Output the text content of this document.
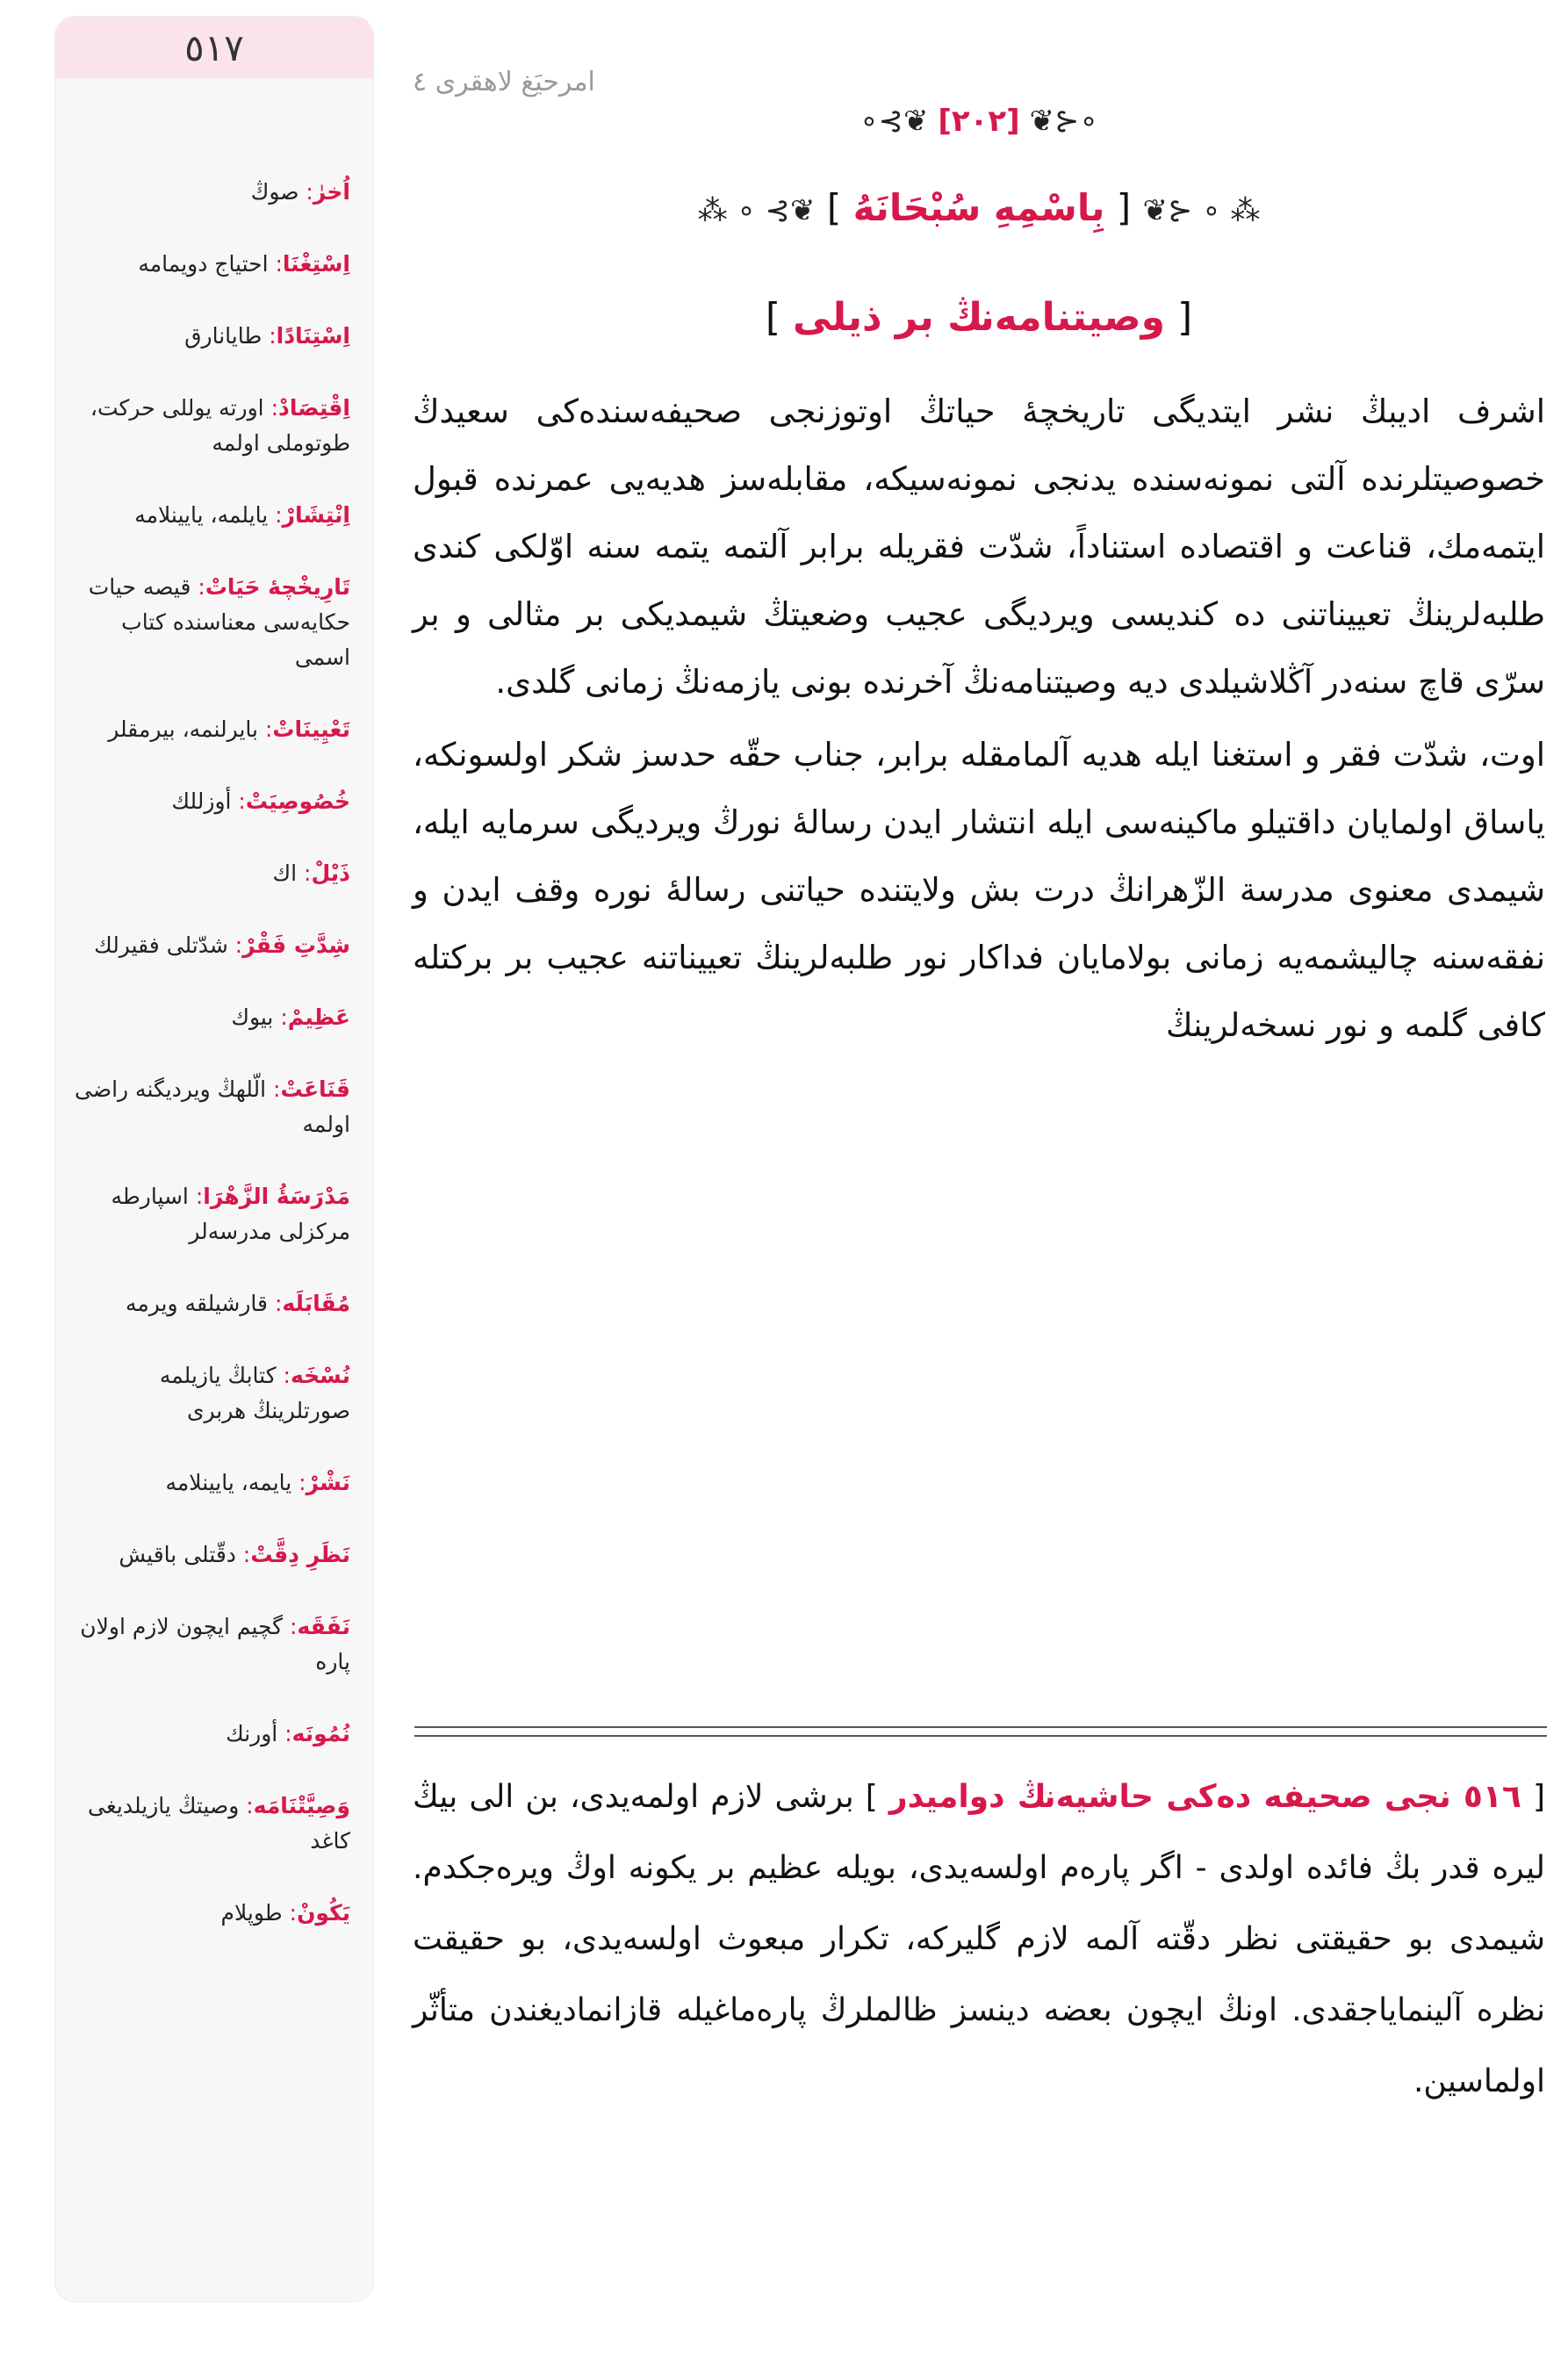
٥١٧
اُخرٰ: صوڭ
اِسْتِغْنَا: احتياج دويمامه
اِسْتِنَادًا: طايانارق
اِقْتِصَادْ: اورته يوللى حركت، طوتوملى اولمه
اِنْتِشَارْ: يايلمه، يايينلامه
تَارِيخْچۀ حَيَاتْ: قيصه حيات حكايه‌سى معناسنده كتاب اسمى
تَعْيِينَاتْ: بايرلنمه، بيرمقلر
خُصُوصِيَتْ: أوزللك
ذَيْلْ: اك
شِدَّتِ فَقْرْ: شدّتلى فقيرلك
عَظِيمْ: بيوك
قَنَاعَتْ: الّلهڭ ويرديگنه راضى اولمه
مَدْرَسَۀُ الزَّهْرَا: اسپارطه مركزلى مدرسه‌لر
مُقَابَلَه: قارشيلقه ويرمه
نُسْخَه: كتابڭ يازيلمه صورتلرينڭ هربرى
نَشْرْ: يايمه، يايينلامه
نَظَرِ دِقَّتْ: دقّتلى باقيش
نَفَقَه: گچيم ايچون لازم اولان پاره
نُمُونَه: أورنك
وَصِيَّتْنَامَه: وصيتڭ يازيلديغى كاغد
يَكُونْ: طوپلام
امرحيَغ لاهقرى ٤
∘⊰❦ [٢٠٢] ❦⊱∘
⁂ ∘ ⊰❦ [ بِاسْمِهِ سُبْحَانَهُ ] ❦⊱ ∘ ⁂
[ وصيتنامه‌نڭ بر ذيلى ]

اشرف اديبڭ نشر ايتديگى تاريخچۀ حياتڭ اوتوزنجى صحيفه‌سنده‌كى سعيدڭ خصوصيتلرنده آلتى نمونه‌سنده يدنجى نمونه‌سيكه، مقابله‌سز هديه‌يى عمرنده قبول ايتمه‌مك، قناعت و اقتصاده استناداً، شدّت فقريله برابر آلتمه يتمه سنه اوّلكى كندى طلبه‌لرينڭ تعييناتنى ده كنديسى ويرديگى عجيب وضعيتڭ شيمديكى بر مثالى و بر سرّى قاچ سنه‌در آڭلاشيلدى ديه وصيتنامه‌نڭ آخرنده بونى يازمه‌نڭ زمانى گلدى.

اوت، شدّت فقر و استغنا ايله هديه آلمامقله برابر، جناب حقّه حدسز شكر اولسونكه، ياساق اولمايان داقتيلو ماكينه‌سى ايله انتشار ايدن رسالۀ نورڭ ويرديگى سرمايه ايله، شيمدى معنوى مدرسة الزّهرانڭ درت بش ولايتنده حياتنى رسالۀ نوره وقف ايدن و نفقه‌سنه چاليشمه‌يه زمانى بولامايان فداكار نور طلبه‌لرينڭ تعييناتنه عجيب بر بركتله كافى گلمه و نور نسخه‌لرينڭ

[ ٥١٦ نجى صحيفه ده‌كى حاشيه‌نڭ دوامیدر ] برشى لازم اولمه‌يدى، بن الى بيڭ ليره قدر بڭ فائده اولدى - اگر پاره‌م اولسه‌يدى، بويله عظيم بر يكونه اوڭ ويره‌جكدم. شيمدى بو حقيقتى نظر دقّته آلمه لازم گليركه، تكرار مبعوث اولسه‌يدى، بو حقيقت نظره آلينماياجقدى. اونڭ ايچون بعضه دينسز ظالملرڭ پاره‌ماغيله قازانماديغندن متأثّر اولماسين.
